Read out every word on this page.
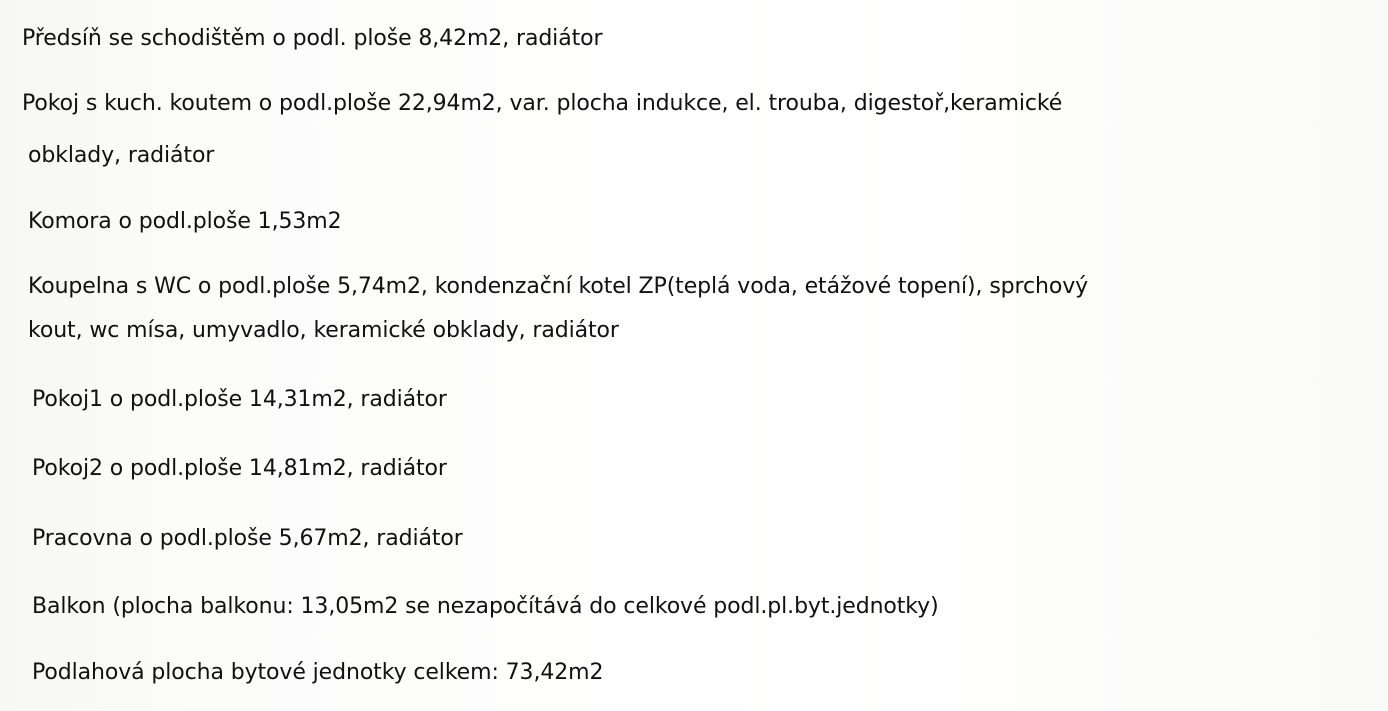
Předsíň se schodištěm o podl. ploše 8,42m2, radiátor
Pokoj s kuch. koutem o podl.ploše 22,94m2, var. plocha indukce, el. trouba, digestoř,keramické
obklady, radiátor
Komora o podl.ploše 1,53m2
Koupelna s WC o podl.ploše 5,74m2, kondenzační kotel ZP(teplá voda, etážové topení), sprchový
kout, wc mísa, umyvadlo, keramické obklady, radiátor
Pokoj1 o podl.ploše 14,31m2, radiátor
Pokoj2 o podl.ploše 14,81m2, radiátor
Pracovna o podl.ploše 5,67m2, radiátor
Balkon (plocha balkonu: 13,05m2 se nezapočítává do celkové podl.pl.byt.jednotky)
Podlahová plocha bytové jednotky celkem: 73,42m2
